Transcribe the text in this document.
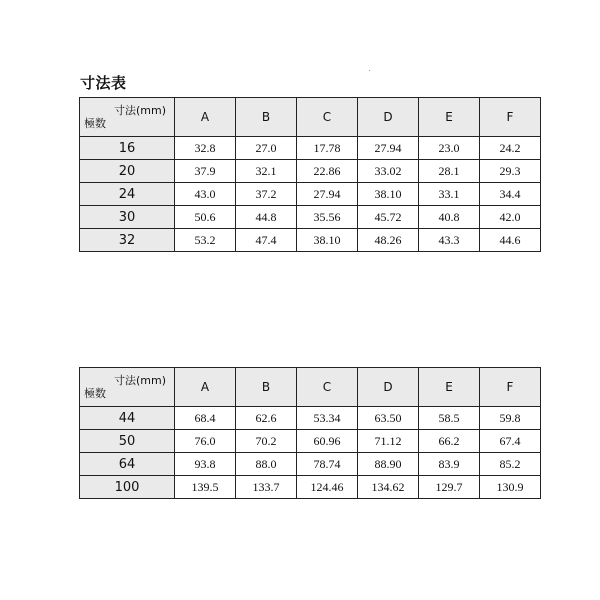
寸法表
寸法(mm)
極数	A	B	C	D	E	F
16	32.8	27.0	17.78	27.94	23.0	24.2
20	37.9	32.1	22.86	33.02	28.1	29.3
24	43.0	37.2	27.94	38.10	33.1	34.4
30	50.6	44.8	35.56	45.72	40.8	42.0
32	53.2	47.4	38.10	48.26	43.3	44.6
寸法(mm)
極数	A	B	C	D	E	F
44	68.4	62.6	53.34	63.50	58.5	59.8
50	76.0	70.2	60.96	71.12	66.2	67.4
64	93.8	88.0	78.74	88.90	83.9	85.2
100	139.5	133.7	124.46	134.62	129.7	130.9
